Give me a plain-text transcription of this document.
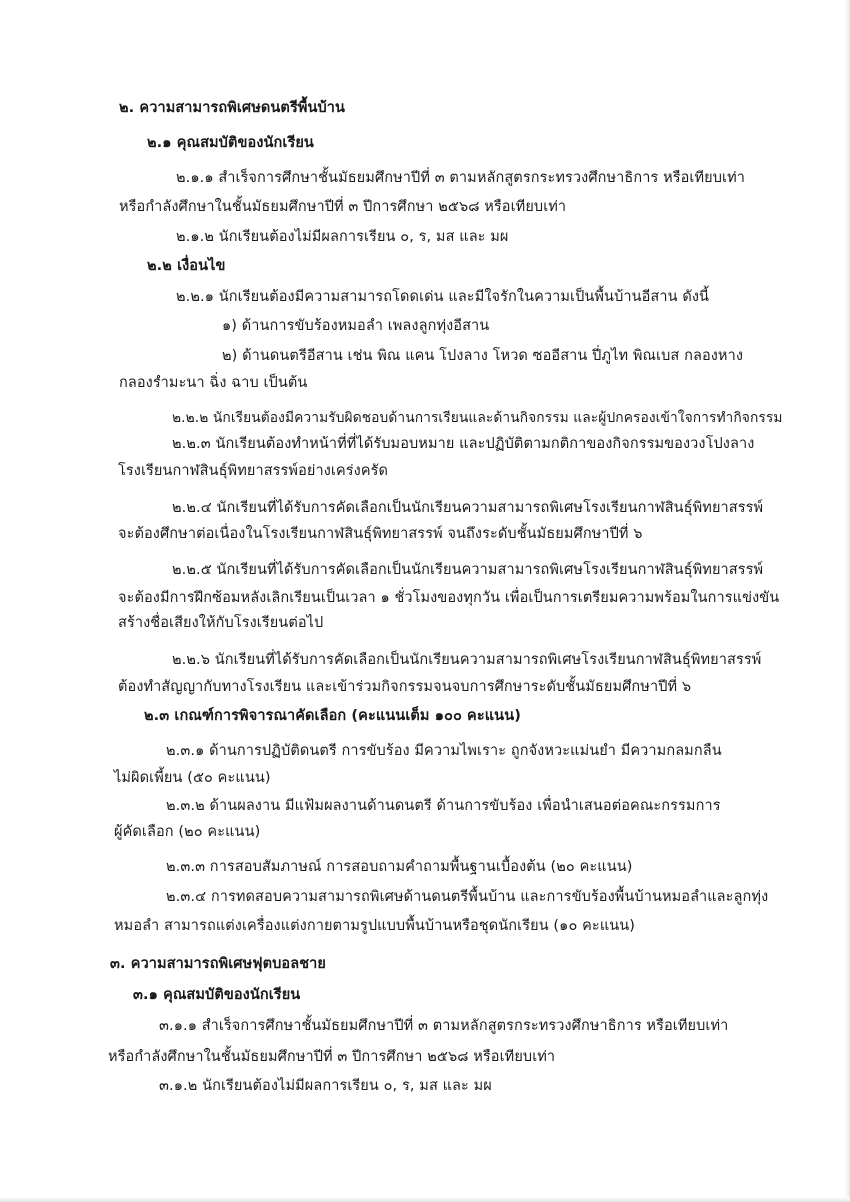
๒. ความสามารถพิเศษดนตรีพื้นบ้าน
๒.๑ คุณสมบัติของนักเรียน
๒.๑.๑ สำเร็จการศึกษาชั้นมัธยมศึกษาปีที่ ๓ ตามหลักสูตรกระทรวงศึกษาธิการ หรือเทียบเท่า
หรือกำลังศึกษาในชั้นมัธยมศึกษาปีที่ ๓ ปีการศึกษา ๒๕๖๘ หรือเทียบเท่า
๒.๑.๒ นักเรียนต้องไม่มีผลการเรียน ๐, ร, มส และ มผ
๒.๒ เงื่อนไข
๒.๒.๑ นักเรียนต้องมีความสามารถโดดเด่น และมีใจรักในความเป็นพื้นบ้านอีสาน ดังนี้
๑) ด้านการขับร้องหมอลำ เพลงลูกทุ่งอีสาน
๒) ด้านดนตรีอีสาน เช่น พิณ แคน โปงลาง โหวด ซออีสาน ปี่ภูไท พิณเบส กลองหาง
กลองรำมะนา ฉิ่ง ฉาบ เป็นต้น
๒.๒.๒ นักเรียนต้องมีความรับผิดชอบด้านการเรียนและด้านกิจกรรม และผู้ปกครองเข้าใจการทำกิจกรรม
๒.๒.๓ นักเรียนต้องทำหน้าที่ที่ได้รับมอบหมาย และปฏิบัติตามกติกาของกิจกรรมของวงโปงลาง
โรงเรียนกาฬสินธุ์พิทยาสรรพ์อย่างเคร่งครัด
๒.๒.๔ นักเรียนที่ได้รับการคัดเลือกเป็นนักเรียนความสามารถพิเศษโรงเรียนกาฬสินธุ์พิทยาสรรพ์
จะต้องศึกษาต่อเนื่องในโรงเรียนกาฬสินธุ์พิทยาสรรพ์ จนถึงระดับชั้นมัธยมศึกษาปีที่ ๖
๒.๒.๕ นักเรียนที่ได้รับการคัดเลือกเป็นนักเรียนความสามารถพิเศษโรงเรียนกาฬสินธุ์พิทยาสรรพ์
จะต้องมีการฝึกซ้อมหลังเลิกเรียนเป็นเวลา ๑ ชั่วโมงของทุกวัน เพื่อเป็นการเตรียมความพร้อมในการแข่งขัน
สร้างชื่อเสียงให้กับโรงเรียนต่อไป
๒.๒.๖ นักเรียนที่ได้รับการคัดเลือกเป็นนักเรียนความสามารถพิเศษโรงเรียนกาฬสินธุ์พิทยาสรรพ์
ต้องทำสัญญากับทางโรงเรียน และเข้าร่วมกิจกรรมจนจบการศึกษาระดับชั้นมัธยมศึกษาปีที่ ๖
๒.๓ เกณฑ์การพิจารณาคัดเลือก (คะแนนเต็ม ๑๐๐ คะแนน)
๒.๓.๑ ด้านการปฏิบัติดนตรี การขับร้อง มีความไพเราะ ถูกจังหวะแม่นยำ มีความกลมกลืน
ไม่ผิดเพี้ยน (๕๐ คะแนน)
๒.๓.๒ ด้านผลงาน มีแฟ้มผลงานด้านดนตรี ด้านการขับร้อง เพื่อนำเสนอต่อคณะกรรมการ
ผู้คัดเลือก (๒๐ คะแนน)
๒.๓.๓ การสอบสัมภาษณ์ การสอบถามคำถามพื้นฐานเบื้องต้น (๒๐ คะแนน)
๒.๓.๔ การทดสอบความสามารถพิเศษด้านดนตรีพื้นบ้าน และการขับร้องพื้นบ้านหมอลำและลูกทุ่ง
หมอลำ สามารถแต่งเครื่องแต่งกายตามรูปแบบพื้นบ้านหรือชุดนักเรียน (๑๐ คะแนน)
๓. ความสามารถพิเศษฟุตบอลชาย
๓.๑ คุณสมบัติของนักเรียน
๓.๑.๑ สำเร็จการศึกษาชั้นมัธยมศึกษาปีที่ ๓ ตามหลักสูตรกระทรวงศึกษาธิการ หรือเทียบเท่า
หรือกำลังศึกษาในชั้นมัธยมศึกษาปีที่ ๓ ปีการศึกษา ๒๕๖๘ หรือเทียบเท่า
๓.๑.๒ นักเรียนต้องไม่มีผลการเรียน ๐, ร, มส และ มผ
